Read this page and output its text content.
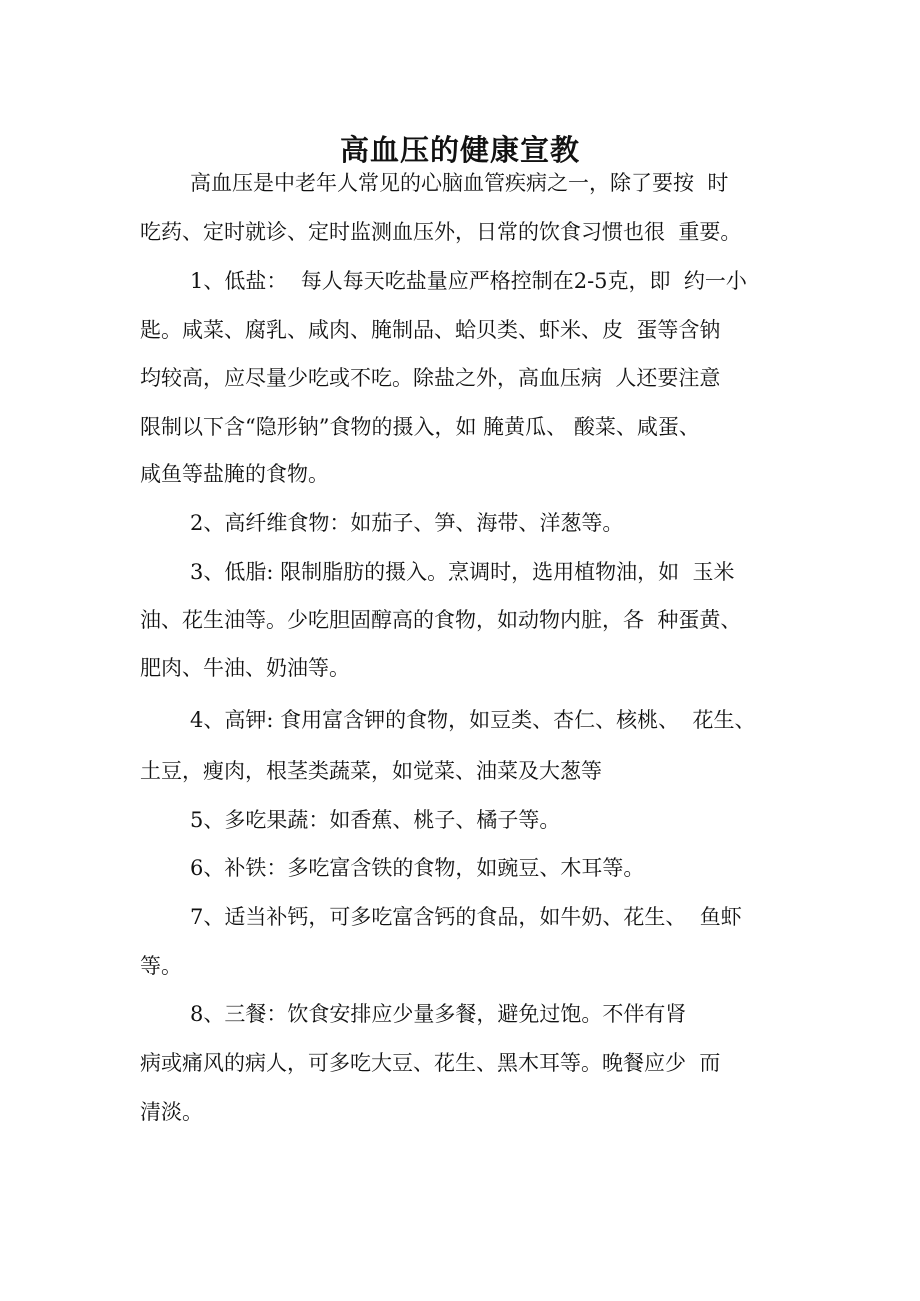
高血压的健康宣教

高血压是中老年人常见的心脑血管疾病之一，除了要按  时

吃药、定时就诊、定时监测血压外，日常的饮食习惯也很  重要。

1、低盐：  每人每天吃盐量应严格控制在2-5克，即  约一小

匙。咸菜、腐乳、咸肉、腌制品、蛤贝类、虾米、皮  蛋等含钠

均较高，应尽量少吃或不吃。除盐之外，高血压病  人还要注意

限制以下含“隐形钠”食物的摄入，如 腌黄瓜、 酸菜、咸蛋、

咸鱼等盐腌的食物。

2、高纤维食物：如茄子、笋、海带、洋葱等。

3、低脂: 限制脂肪的摄入。烹调时，选用植物油，如  玉米

油、花生油等。少吃胆固醇高的食物，如动物内脏，各  种蛋黄、

肥肉、牛油、奶油等。

4、高钾: 食用富含钾的食物，如豆类、杏仁、核桃、  花生、

土豆，瘦肉，根茎类蔬菜，如觉菜、油菜及大葱等

5、多吃果蔬：如香蕉、桃子、橘子等。

6、补铁：多吃富含铁的食物，如豌豆、木耳等。

7、适当补钙，可多吃富含钙的食品，如牛奶、花生、  鱼虾

等。

8、三餐：饮食安排应少量多餐，避免过饱。不伴有肾

病或痛风的病人，可多吃大豆、花生、黑木耳等。晚餐应少  而

清淡。
